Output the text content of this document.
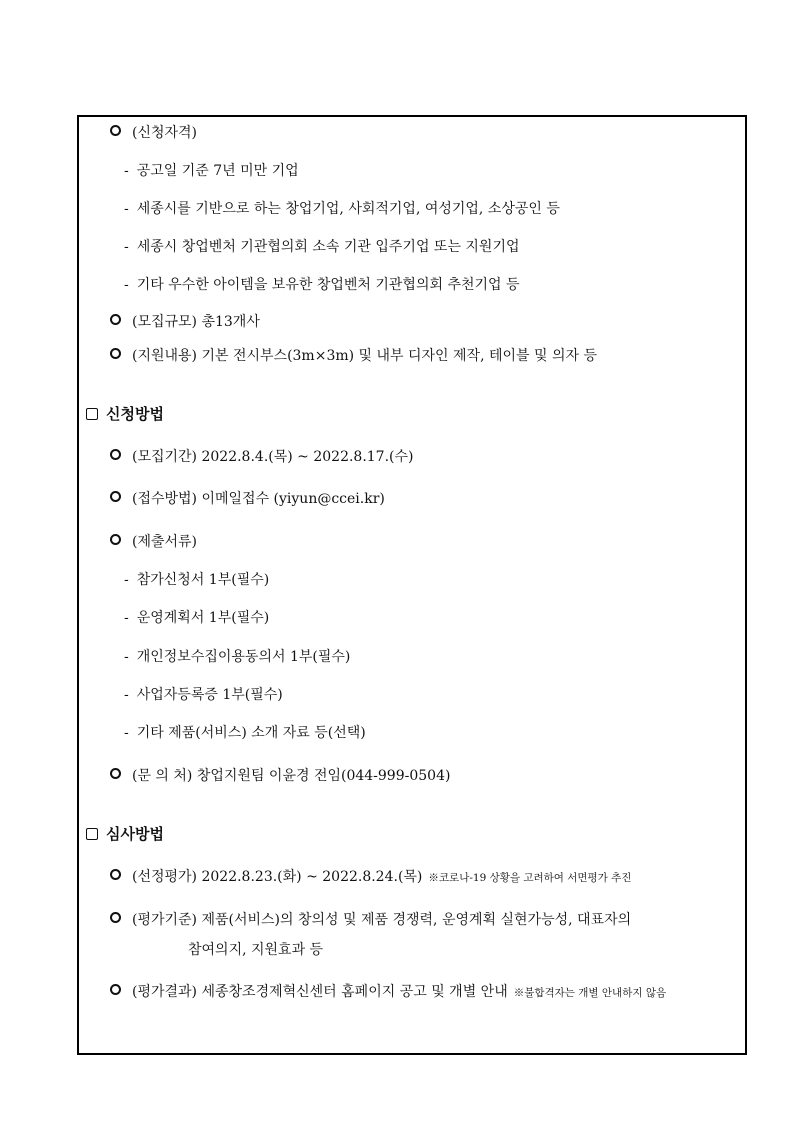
(신청자격)
- 공고일 기준 7년 미만 기업
- 세종시를 기반으로 하는 창업기업, 사회적기업, 여성기업, 소상공인 등
- 세종시 창업벤처 기관협의회 소속 기관 입주기업 또는 지원기업
- 기타 우수한 아이템을 보유한 창업벤처 기관협의회 추천기업 등
(모집규모) 총13개사
(지원내용) 기본 전시부스(3m×3m) 및 내부 디자인 제작, 테이블 및 의자 등
신청방법
(모집기간) 2022.8.4.(목) ~ 2022.8.17.(수)
(접수방법) 이메일접수 (yiyun@ccei.kr)
(제출서류)
- 참가신청서 1부(필수)
- 운영계획서 1부(필수)
- 개인정보수집이용동의서 1부(필수)
- 사업자등록증 1부(필수)
- 기타 제품(서비스) 소개 자료 등(선택)
(문 의 처) 창업지원팀 이윤경 전임(044-999-0504)
심사방법
(선정평가) 2022.8.23.(화) ~ 2022.8.24.(목) ※코로나-19 상황을 고려하여 서면평가 추진
(평가기준) 제품(서비스)의 창의성 및 제품 경쟁력, 운영계획 실현가능성, 대표자의
참여의지, 지원효과 등
(평가결과) 세종창조경제혁신센터 홈페이지 공고 및 개별 안내 ※불합격자는 개별 안내하지 않음
